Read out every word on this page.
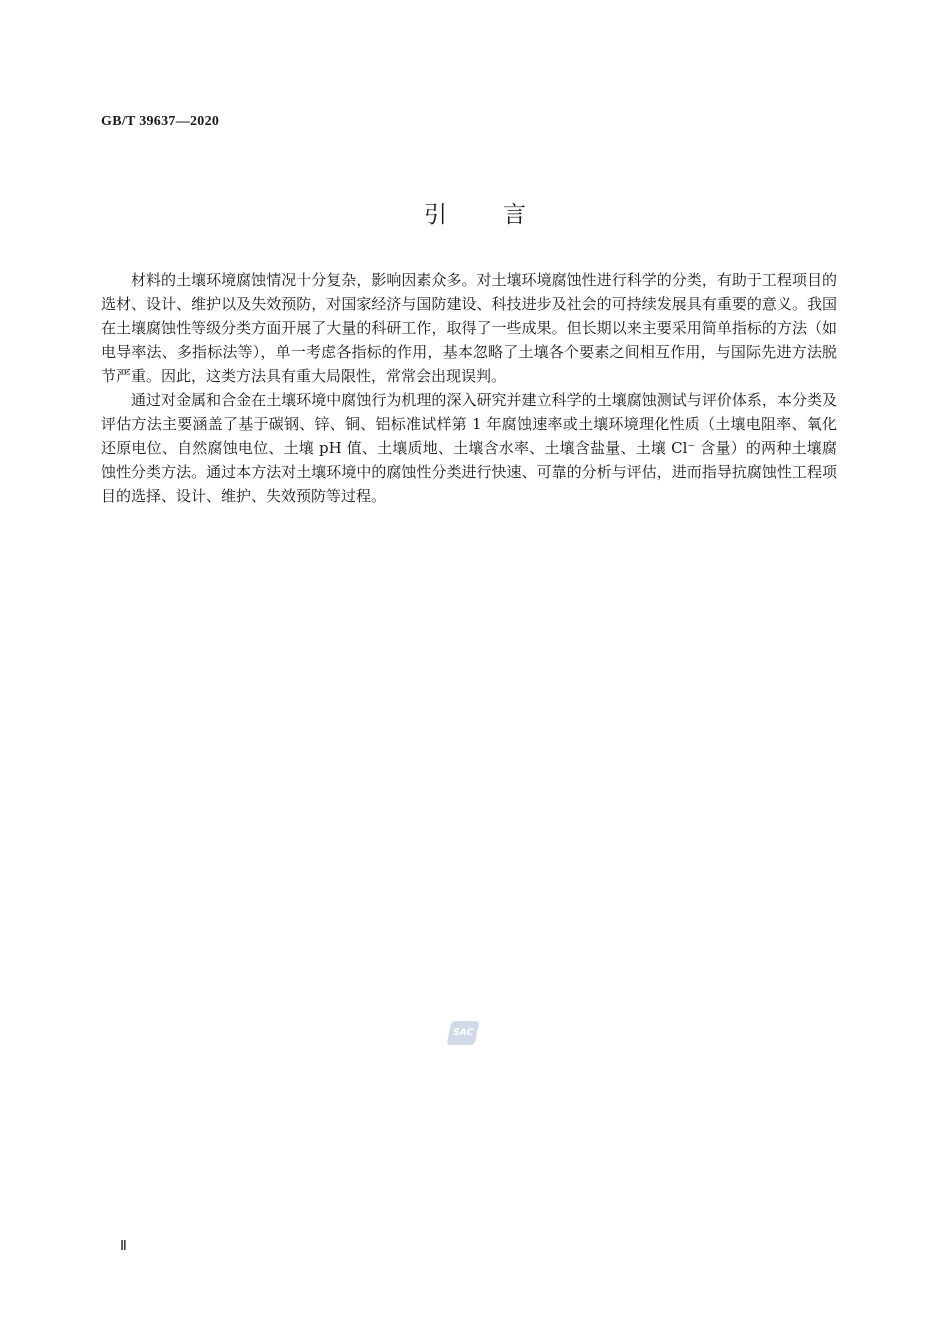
GB/T 39637—2020
引言

材料的土壤环境腐蚀情况十分复杂，影响因素众多。对土壤环境腐蚀性进行科学的分类，有助于工程项目的选材、设计、维护以及失效预防，对国家经济与国防建设、科技进步及社会的可持续发展具有重要的意义。我国在土壤腐蚀性等级分类方面开展了大量的科研工作，取得了一些成果。但长期以来主要采用简单指标的方法（如电导率法、多指标法等），单一考虑各指标的作用，基本忽略了土壤各个要素之间相互作用，与国际先进方法脱节严重。因此，这类方法具有重大局限性，常常会出现误判。

通过对金属和合金在土壤环境中腐蚀行为机理的深入研究并建立科学的土壤腐蚀测试与评价体系，本分类及评估方法主要涵盖了基于碳钢、锌、铜、铝标准试样第 1 年腐蚀速率或土壤环境理化性质（土壤电阻率、氧化还原电位、自然腐蚀电位、土壤 pH 值、土壤质地、土壤含水率、土壤含盐量、土壤 Cl⁻ 含量）的两种土壤腐蚀性分类方法。通过本方法对土壤环境中的腐蚀性分类进行快速、可靠的分析与评估，进而指导抗腐蚀性工程项目的选择、设计、维护、失效预防等过程。

SAC
Ⅱ
